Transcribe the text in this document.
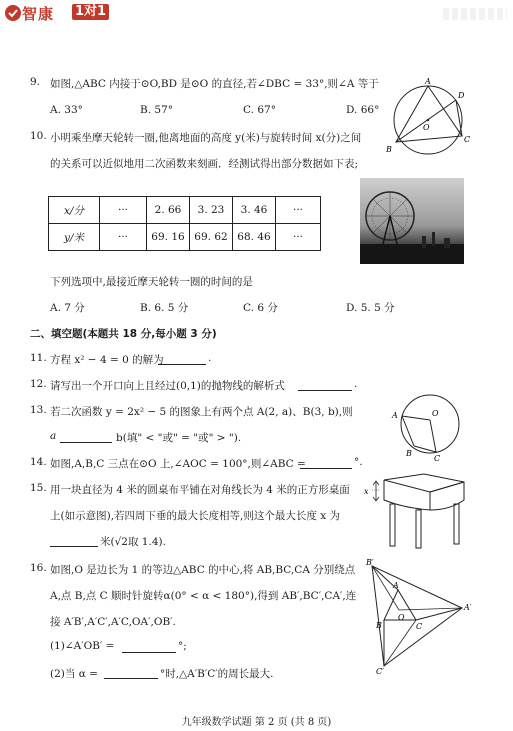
智康 1对1
9. 如图,△ABC 内接于⊙O,BD 是⊙O 的直径,若∠DBC = 33°,则∠A 等于
A. 33°	B. 57°	C. 67°	D. 66°
A
D
O
B
C
10. 小明乘坐摩天轮转一圈,他离地面的高度 y(米)与旋转时间 x(分)之间
的关系可以近似地用二次函数来刻画．经测试得出部分数据如下表;
x/分	···	2. 66	3. 23	3. 46	···
y/米	···	69. 16	69. 62	68. 46	···
下列选项中,最接近摩天轮转一圈的时间的是
A. 7 分	B. 6. 5 分	C. 6 分	D. 5. 5 分
二、填空题(本题共 18 分,每小题 3 分)
11. 方程 x² − 4 = 0 的解为	.
12. 请写出一个开口向上且经过(0,1)的抛物线的解析式	.
13. 若二次函数 y = 2x² − 5 的图象上有两个点 A(2, a)、B(3, b),则
a	b(填" < "或" = "或" > ").
A	O
B
C
14. 如图,A,B,C 三点在⊙O 上,∠AOC = 100°,则∠ABC =	°.
15. 用一块直径为 4 米的圆桌布平铺在对角线长为 4 米的正方形桌面
上(如示意图),若四周下垂的最大长度相等,则这个最大长度 x 为
米(√2取 1.4).
x
16. 如图,O 是边长为 1 的等边△ABC 的中心,将 AB,BC,CA 分别绕点
A,点 B,点 C 顺时针旋转α(0° < α < 180°),得到 AB′,BC′,CA′,连
接 A′B′,A′C′,A′C,OA′,OB′.
(1)∠A′OB′ =	°;
(2)当 α =	°时,△A′B′C′的周长最大.
B′
A
A′
O
B	C
C′
九年级数学试题 第 2 页 (共 8 页)
